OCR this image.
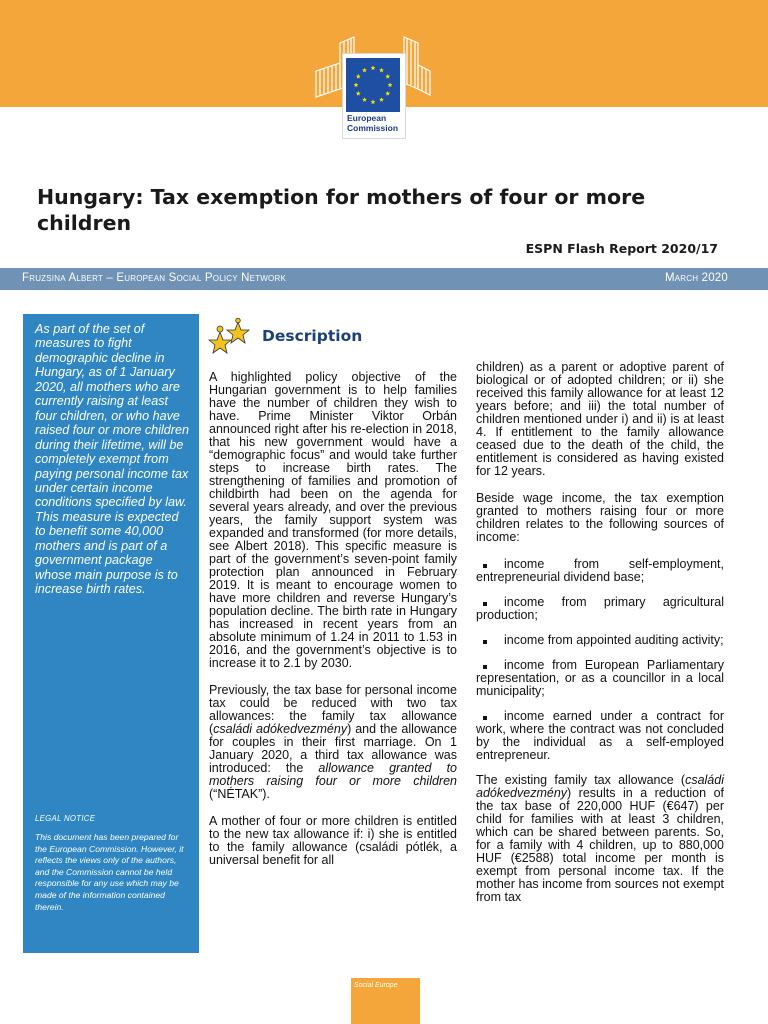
European
Commission
Hungary: Tax exemption for mothers of four or more children
ESPN Flash Report 2020/17
Fruzsina Albert – European Social Policy Network	March 2020

As part of the set of measures to fight demographic decline in Hungary, as of 1 January 2020, all mothers who are currently raising at least four children, or who have raised four or more children during their lifetime, will be completely exempt from paying personal income tax under certain income conditions specified by law. This measure is expected to benefit some 40,000 mothers and is part of a government package whose main purpose is to increase birth rates.

LEGAL NOTICE

This document has been prepared for the European Commission. However, it reflects the views only of the authors, and the Commission cannot be held responsible for any use which may be made of the information contained therein.

Description

A highlighted policy objective of the Hungarian government is to help families have the number of children they wish to have. Prime Minister Viktor Orbán announced right after his re-election in 2018, that his new government would have a “demographic focus” and would take further steps to increase birth rates. The strengthening of families and promotion of childbirth had been on the agenda for several years already, and over the previous years, the family support system was expanded and transformed (for more details, see Albert 2018). This specific measure is part of the government’s seven-point family protection plan announced in February 2019. It is meant to encourage women to have more children and reverse Hungary’s population decline. The birth rate in Hungary has increased in recent years from an absolute minimum of 1.24 in 2011 to 1.53 in 2016, and the government’s objective is to increase it to 2.1 by 2030.

Previously, the tax base for personal income tax could be reduced with two tax allowances: the family tax allowance (családi adókedvezmény) and the allowance for couples in their first marriage. On 1 January 2020, a third tax allowance was introduced: the allowance granted to mothers raising four or more children (“NÉTAK”).

A mother of four or more children is entitled to the new tax allowance if: i) she is entitled to the family allowance (családi pótlék, a universal benefit for all

children) as a parent or adoptive parent of biological or of adopted children; or ii) she received this family allowance for at least 12 years before; and iii) the total number of children mentioned under i) and ii) is at least 4. If entitlement to the family allowance ceased due to the death of the child, the entitlement is considered as having existed for 12 years.

Beside wage income, the tax exemption granted to mothers raising four or more children relates to the following sources of income:

income from self-employment, entrepreneurial dividend base;
income from primary agricultural production;
income from appointed auditing activity;
income from European Parliamentary representation, or as a councillor in a local municipality;
income earned under a contract for work, where the contract was not concluded by the individual as a self-employed entrepreneur.

The existing family tax allowance (családi adókedvezmény) results in a reduction of the tax base of 220,000 HUF (€647) per child for families with at least 3 children, which can be shared between parents. So, for a family with 4 children, up to 880,000 HUF (€2588) total income per month is exempt from personal income tax. If the mother has income from sources not exempt from tax

Social Europe
